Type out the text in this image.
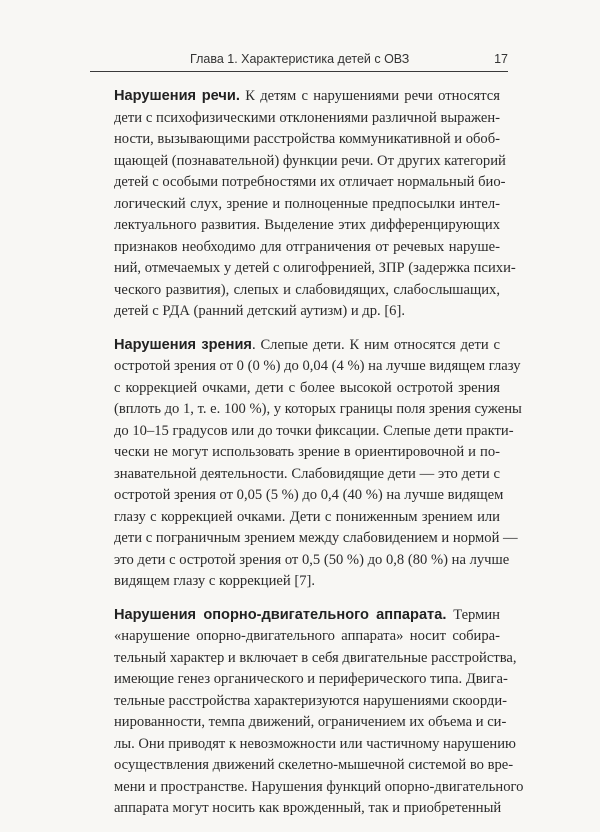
Глава 1. Характеристика детей с ОВЗ	17
Нарушения речи. К детям с нарушениями речи относятся
дети с психофизическими отклонениями различной выражен-
ности, вызывающими расстройства коммуникативной и обоб-
щающей (познавательной) функции речи. От других категорий
детей с особыми потребностями их отличает нормальный био-
логический слух, зрение и полноценные предпосылки интел-
лектуального развития. Выделение этих дифференцирующих
признаков необходимо для отграничения от речевых наруше-
ний, отмечаемых у детей с олигофренией, ЗПР (задержка психи-
ческого развития), слепых и слабовидящих, слабослышащих,
детей с РДА (ранний детский аутизм) и др. [6].
Нарушения зрения. Слепые дети. К ним относятся дети с
остротой зрения от 0 (0 %) до 0,04 (4 %) на лучше видящем глазу
с коррекцией очками, дети с более высокой остротой зрения
(вплоть до 1, т. е. 100 %), у которых границы поля зрения сужены
до 10–15 градусов или до точки фиксации. Слепые дети практи-
чески не могут использовать зрение в ориентировочной и по-
знавательной деятельности. Слабовидящие дети — это дети с
остротой зрения от 0,05 (5 %) до 0,4 (40 %) на лучше видящем
глазу с коррекцией очками. Дети с пониженным зрением или
дети с пограничным зрением между слабовидением и нормой —
это дети с остротой зрения от 0,5 (50 %) до 0,8 (80 %) на лучше
видящем глазу с коррекцией [7].
Нарушения опорно-двигательного аппарата. Термин
«нарушение опорно-двигательного аппарата» носит собира-
тельный характер и включает в себя двигательные расстройства,
имеющие генез органического и периферического типа. Двига-
тельные расстройства характеризуются нарушениями скоорди-
нированности, темпа движений, ограничением их объема и си-
лы. Они приводят к невозможности или частичному нарушению
осуществления движений скелетно-мышечной системой во вре-
мени и пространстве. Нарушения функций опорно-двигательного
аппарата могут носить как врожденный, так и приобретенный
